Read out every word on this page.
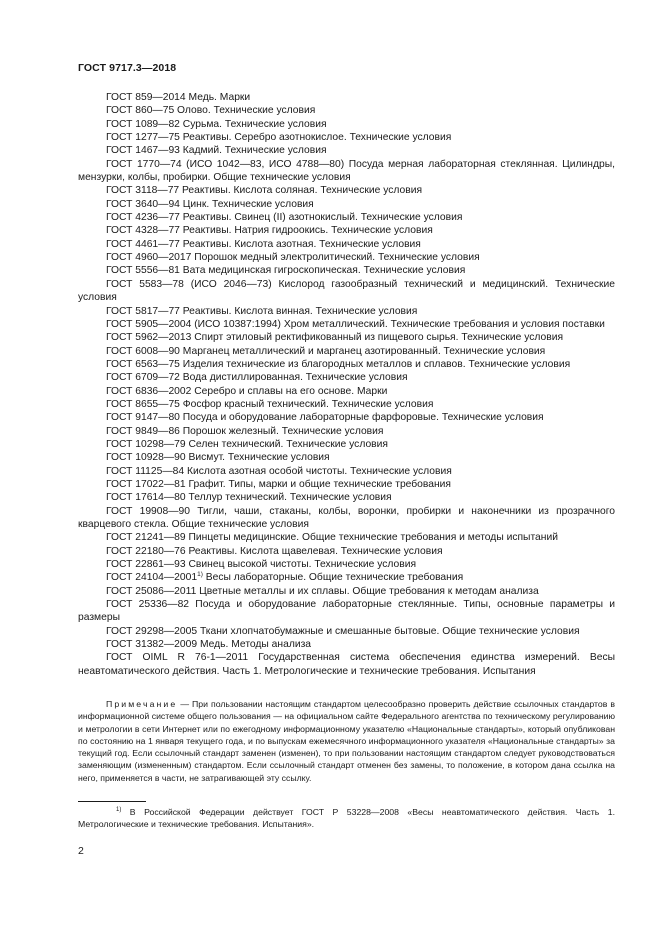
ГОСТ 9717.3—2018
ГОСТ 859—2014 Медь. Марки
ГОСТ 860—75 Олово. Технические условия
ГОСТ 1089—82 Сурьма. Технические условия
ГОСТ 1277—75 Реактивы. Серебро азотнокислое. Технические условия
ГОСТ 1467—93 Кадмий. Технические условия
ГОСТ 1770—74 (ИСО 1042—83, ИСО 4788—80) Посуда мерная лабораторная стеклянная. Цилиндры, мензурки, колбы, пробирки. Общие технические условия
ГОСТ 3118—77 Реактивы. Кислота соляная. Технические условия
ГОСТ 3640—94 Цинк. Технические условия
ГОСТ 4236—77 Реактивы. Свинец (II) азотнокислый. Технические условия
ГОСТ 4328—77 Реактивы. Натрия гидроокись. Технические условия
ГОСТ 4461—77 Реактивы. Кислота азотная. Технические условия
ГОСТ 4960—2017 Порошок медный электролитический. Технические условия
ГОСТ 5556—81 Вата медицинская гигроскопическая. Технические условия
ГОСТ 5583—78 (ИСО 2046—73) Кислород газообразный технический и медицинский. Технические условия
ГОСТ 5817—77 Реактивы. Кислота винная. Технические условия
ГОСТ 5905—2004 (ИСО 10387:1994) Хром металлический. Технические требования и условия поставки
ГОСТ 5962—2013 Спирт этиловый ректификованный из пищевого сырья. Технические условия
ГОСТ 6008—90 Марганец металлический и марганец азотированный. Технические условия
ГОСТ 6563—75 Изделия технические из благородных металлов и сплавов. Технические условия
ГОСТ 6709—72 Вода дистиллированная. Технические условия
ГОСТ 6836—2002 Серебро и сплавы на его основе. Марки
ГОСТ 8655—75 Фосфор красный технический. Технические условия
ГОСТ 9147—80 Посуда и оборудование лабораторные фарфоровые. Технические условия
ГОСТ 9849—86 Порошок железный. Технические условия
ГОСТ 10298—79 Селен технический. Технические условия
ГОСТ 10928—90 Висмут. Технические условия
ГОСТ 11125—84 Кислота азотная особой чистоты. Технические условия
ГОСТ 17022—81 Графит. Типы, марки и общие технические требования
ГОСТ 17614—80 Теллур технический. Технические условия
ГОСТ 19908—90 Тигли, чаши, стаканы, колбы, воронки, пробирки и наконечники из прозрачного кварцевого стекла. Общие технические условия
ГОСТ 21241—89 Пинцеты медицинские. Общие технические требования и методы испытаний
ГОСТ 22180—76 Реактивы. Кислота щавелевая. Технические условия
ГОСТ 22861—93 Свинец высокой чистоты. Технические условия
ГОСТ 24104—2001$^{1)}$ Весы лабораторные. Общие технические требования
ГОСТ 25086—2011 Цветные металлы и их сплавы. Общие требования к методам анализа
ГОСТ 25336—82 Посуда и оборудование лабораторные стеклянные. Типы, основные параметры и размеры
ГОСТ 29298—2005 Ткани хлопчатобумажные и смешанные бытовые. Общие технические условия
ГОСТ 31382—2009 Медь. Методы анализа
ГОСТ OIML R 76-1—2011 Государственная система обеспечения единства измерений. Весы неавтоматического действия. Часть 1. Метрологические и технические требования. Испытания
Примечание — При пользовании настоящим стандартом целесообразно проверить действие ссылочных стандартов в информационной системе общего пользования — на официальном сайте Федерального агентства по техническому регулированию и метрологии в сети Интернет или по ежегодному информационному указателю «Национальные стандарты», который опубликован по состоянию на 1 января текущего года, и по выпускам ежемесячного информационного указателя «Национальные стандарты» за текущий год. Если ссылочный стандарт заменен (изменен), то при пользовании настоящим стандартом следует руководствоваться заменяющим (измененным) стандартом. Если ссылочный стандарт отменен без замены, то положение, в котором дана ссылка на него, применяется в части, не затрагивающей эту ссылку.
$^{1)}$ В Российской Федерации действует ГОСТ Р 53228—2008 «Весы неавтоматического действия. Часть 1. Метрологические и технические требования. Испытания».
2
